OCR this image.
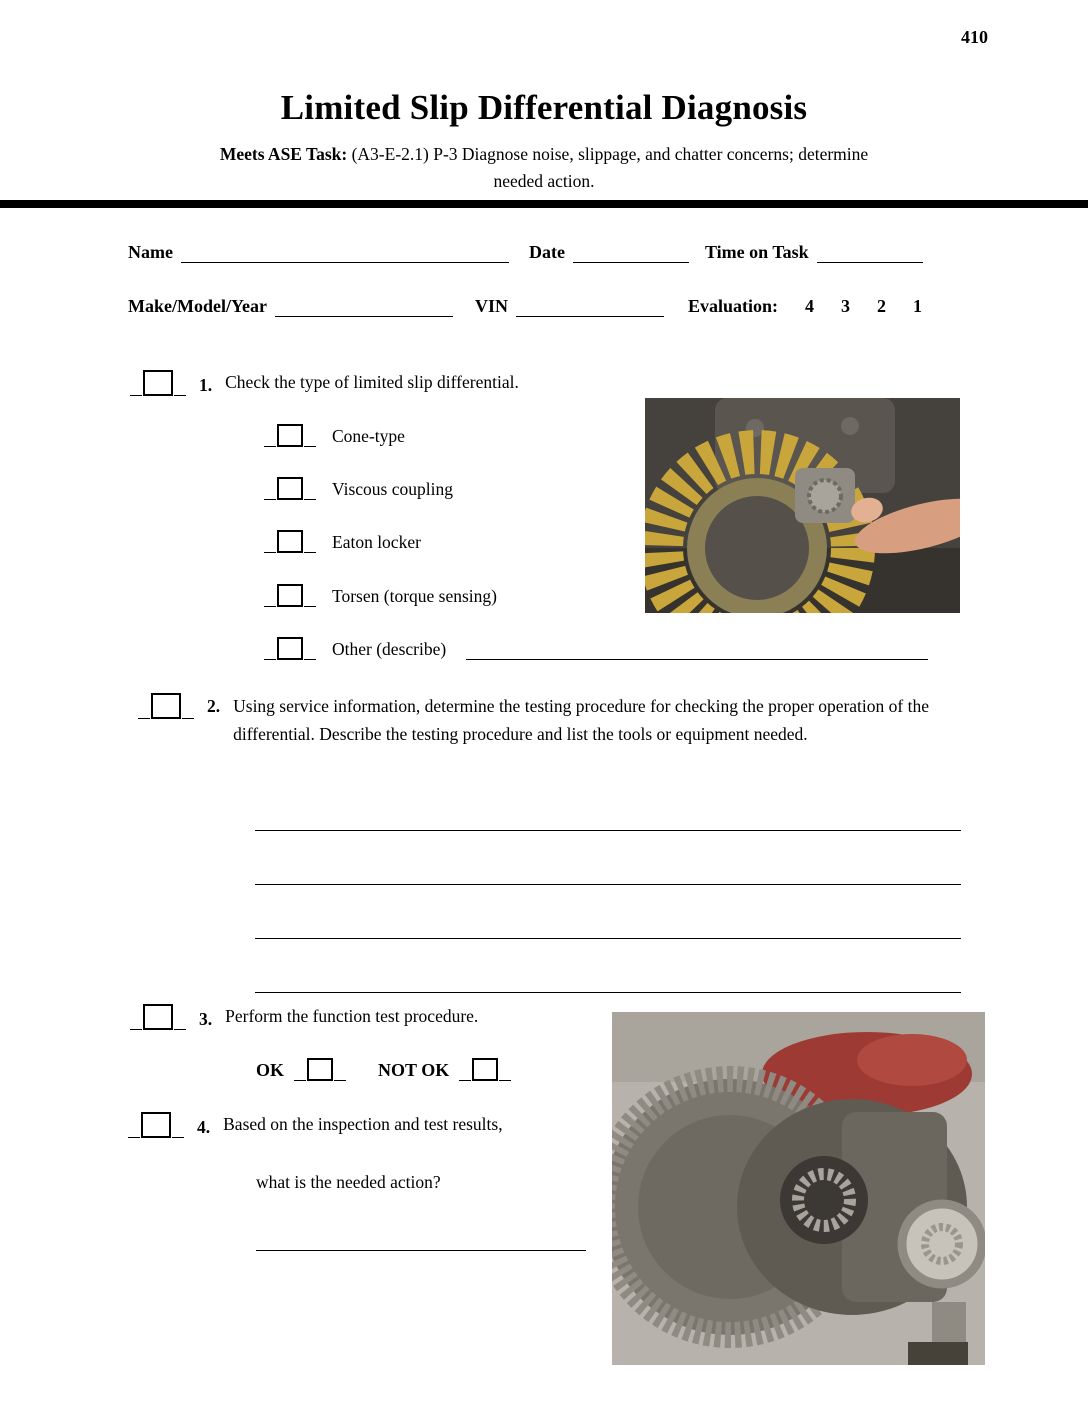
410
Limited Slip Differential Diagnosis
Meets ASE Task: (A3-E-2.1) P-3 Diagnose noise, slippage, and chatter concerns; determine
needed action.
Name	Date	Time on Task
Make/Model/Year	VIN	Evaluation: 4 3 2 1
1. Check the type of limited slip differential.
Cone-type
Viscous coupling
Eaton locker
Torsen (torque sensing)
Other (describe)
2. Using service information, determine the testing procedure for checking the proper operation of the differential. Describe the testing procedure and list the tools or equipment needed.
3. Perform the function test procedure.
OK	NOT OK
4. Based on the inspection and test results,
what is the needed action?
